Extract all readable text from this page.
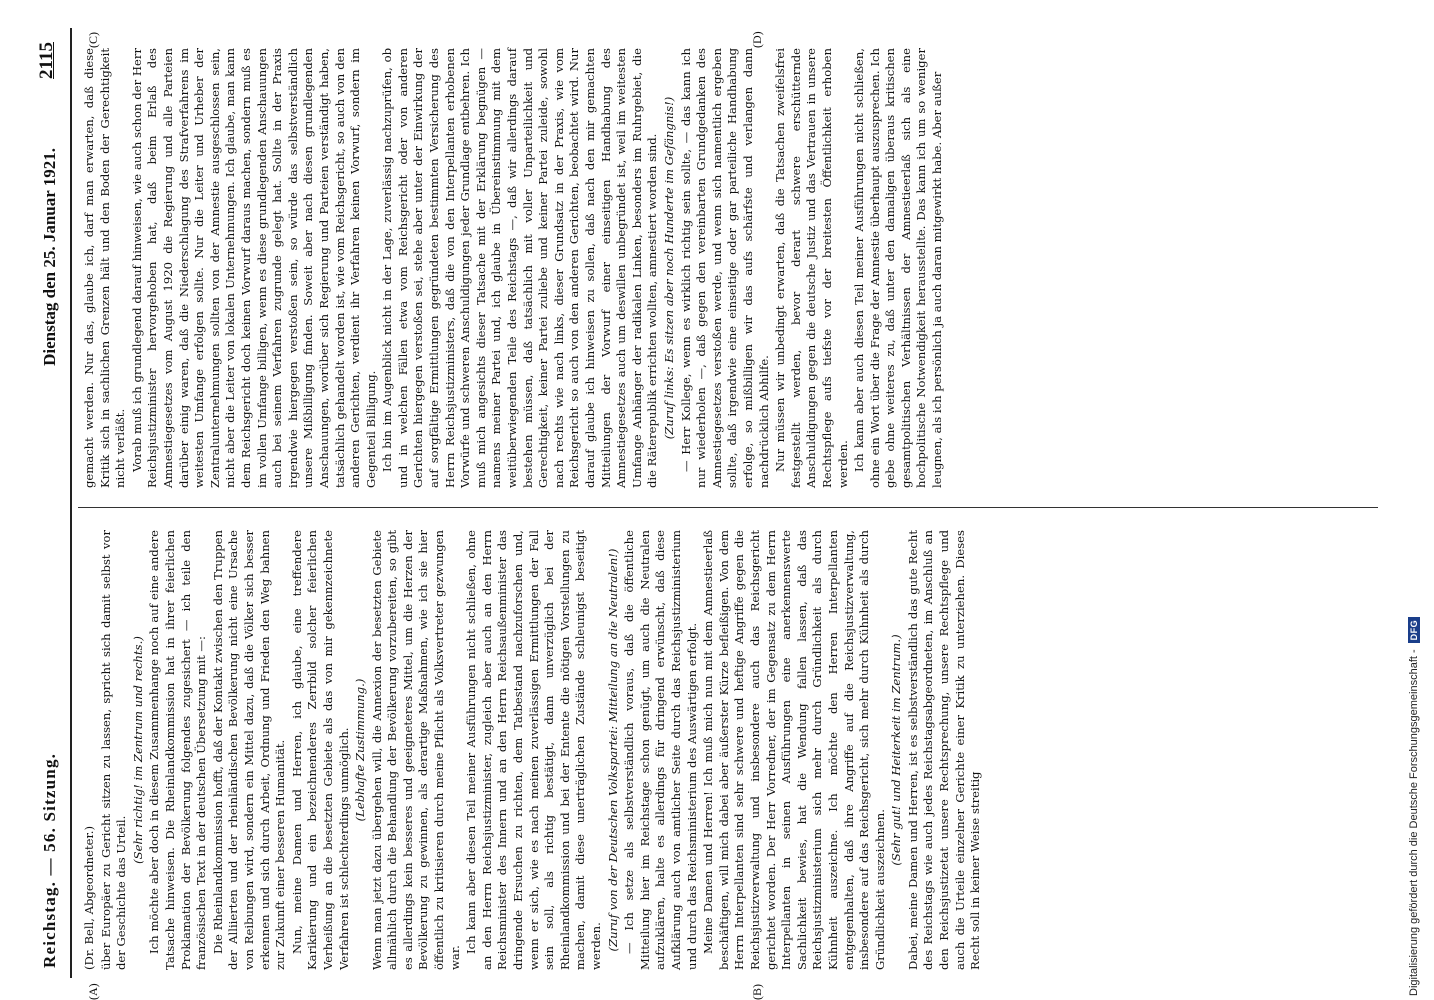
Reichstag. — 56. Sitzung.
Dienstag den 25. Januar 1921.
2115
(A)	(B)
(C)	(D)

(Dr. Bell, Abgeordneter.) über Europäer zu Gericht sitzen zu lassen, spricht sich damit selbst vor der Geschichte das Urteil.

(Sehr richtig! im Zentrum und rechts.) Ich möchte aber doch in diesem Zusammenhange noch auf eine andere Tatsache hinweisen. Die Rheinlandkommission hat in ihrer feierlichen Proklamation der Bevölkerung folgendes zugesichert — ich teile den französischen Text in der deutschen Übersetzung mit —: Die Rheinlandkommission hofft, daß der Kontakt zwischen den Truppen der Alliierten und der rheinländischen Bevölkerung nicht eine Ursache von Reibungen wird, sondern ein Mittel dazu, daß die Völker sich besser erkennen und sich durch Arbeit, Ordnung und Frieden den Weg bahnen zur Zukunft einer besseren Humanität. Nun, meine Damen und Herren, ich glaube, eine treffendere Karikierung und ein bezeichnenderes Zerrbild solcher feierlichen Verheißung an die besetzten Gebiete als das von mir gekennzeichnete Verfahren ist schlechterdings unmöglich. (Lebhafte Zustimmung.) Wenn man jetzt dazu übergehen will, die Annexion der besetzten Gebiete allmählich durch die Behandlung der Bevölkerung vorzubereiten, so gibt es allerdings kein besseres und geeigneteres Mittel, um die Herzen der Bevölkerung zu gewinnen, als derartige Maßnahmen, wie ich sie hier öffentlich zu kritisieren durch meine Pflicht als Volksvertreter gezwungen war.

Ich kann aber diesen Teil meiner Ausführungen nicht schließen, ohne an den Herrn Reichsjustizminister, zugleich aber auch an den Herrn Reichsminister des Innern und an den Herrn Reichsaußenminister das dringende Ersuchen zu richten, dem Tatbestand nachzuforschen und, wenn er sich, wie es nach meinen zuverlässigen Ermittlungen der Fall sein soll, als richtig bestätigt, dann unverzüglich bei der Rheinlandkommission und bei der Entente die nötigen Vorstellungen zu machen, damit diese unerträglichen Zustände schleunigst beseitigt werden. (Zuruf von der Deutschen Volkspartei: Mitteilung an die Neutralen!) — Ich setze als selbstverständlich voraus, daß die öffentliche Mitteilung hier im Reichstage schon genügt, um auch die Neutralen aufzuklären, halte es allerdings für dringend erwünscht, daß diese Aufklärung auch von amtlicher Seite durch das Reichsjustizministerium und durch das Reichsministerium des Auswärtigen erfolgt. Meine Damen und Herren! Ich muß mich nun mit dem Amnestieerlaß beschäftigen, will mich dabei aber äußerster Kürze befleißigen. Von dem Herrn Interpellanten sind sehr schwere und heftige Angriffe gegen die Reichsjustizverwaltung und insbesondere auch das Reichsgericht gerichtet worden. Der Herr Vorredner, der im Gegensatz zu dem Herrn Interpellanten in seinen Ausführungen eine anerkennenswerte Sachlichkeit bewies, hat die Wendung fallen lassen, daß das Reichsjustizministerium sich mehr durch Gründlichkeit als durch Kühnheit auszeichne. Ich möchte den Herren Interpellanten entgegenhalten, daß ihre Angriffe auf die Reichsjustizverwaltung, insbesondere auf das Reichsgericht, sich mehr durch Kühnheit als durch Gründlichkeit auszeichnen.

(Sehr gut! und Heiterkeit im Zentrum.) Dabei, meine Damen und Herren, ist es selbstverständlich das gute Recht des Reichstags wie auch jedes Reichstagsabgeordneten, im Anschluß an den Reichsjustizetat unsere Rechtsprechung, unsere Rechtspflege und auch die Urteile einzelner Gerichte einer Kritik zu unterziehen. Dieses Recht soll in keiner Weise streitig

gemacht werden. Nur das, glaube ich, darf man erwarten, daß diese Kritik sich in sachlichen Grenzen hält und den Boden der Gerechtigkeit nicht verläßt. Vorab muß ich grundlegend darauf hinweisen, wie auch schon der Herr Reichsjustizminister hervorgehoben hat, daß beim Erlaß des Amnestiegesetzes vom August 1920 die Regierung und alle Parteien darüber einig waren, daß die Niederschlagung des Strafverfahrens im weitesten Umfange erfolgen sollte. Nur die Leiter und Urheber der Zentralunternehmungen sollten von der Amnestie ausgeschlossen sein, nicht aber die Leiter von lokalen Unternehmungen. Ich glaube, man kann dem Reichsgericht doch keinen Vorwurf daraus machen, sondern muß es im vollen Umfange billigen, wenn es diese grundlegenden Anschauungen auch bei seinem Verfahren zugrunde gelegt hat. Sollte in der Praxis irgendwie hiergegen verstoßen sein, so würde das selbstverständlich unsere Mißbilligung finden. Soweit aber nach diesen grundlegenden Anschauungen, worüber sich Regierung und Parteien verständigt haben, tatsächlich gehandelt worden ist, wie vom Reichsgericht, so auch von den anderen Gerichten, verdient ihr Verfahren keinen Vorwurf, sondern im Gegenteil Billigung. Ich bin im Augenblick nicht in der Lage, zuverlässig nachzuprüfen, ob und in welchen Fällen etwa vom Reichsgericht oder von anderen Gerichten hiergegen verstoßen sei, stehe aber unter der Einwirkung der auf sorgfältige Ermittlungen gegründeten bestimmten Versicherung des Herrn Reichsjustizministers, daß die von den Interpellanten erhobenen Vorwürfe und schweren Anschuldigungen jeder Grundlage entbehren. Ich muß mich angesichts dieser Tatsache mit der Erklärung begnügen — namens meiner Partei und, ich glaube in Übereinstimmung mit dem weitüberwiegenden Teile des Reichstags —, daß wir allerdings darauf bestehen müssen, daß tatsächlich mit voller Unparteilichkeit und Gerechtigkeit, keiner Partei zuliebe und keiner Partei zuleide, sowohl nach rechts wie nach links, dieser Grundsatz in der Praxis, wie vom Reichsgericht so auch von den anderen Gerichten, beobachtet wird. Nur darauf glaube ich hinweisen zu sollen, daß nach den mir gemachten Mitteilungen der Vorwurf einer einseitigen Handhabung des Amnestiegesetzes auch um deswillen unbegründet ist, weil im weitesten Umfange Anhänger der radikalen Linken, besonders im Ruhrgebiet, die die Räterepublik errichten wollten, amnestiert worden sind. (Zuruf links: Es sitzen aber noch Hunderte im Gefängnis!) — Herr Kollege, wenn es wirklich richtig sein sollte, — das kann ich nur wiederholen —, daß gegen den vereinbarten Grundgedanken des Amnestiegesetzes verstoßen werde, und wenn sich namentlich ergeben sollte, daß irgendwie eine einseitige oder gar parteiliche Handhabung erfolge, so mißbilligen wir das aufs schärfste und verlangen dann nachdrücklich Abhilfe. Nur müssen wir unbedingt erwarten, daß die Tatsachen zweifelsfrei festgestellt werden, bevor derart schwere erschütternde Anschuldigungen gegen die deutsche Justiz und das Vertrauen in unsere Rechtspflege aufs tiefste vor der breitesten Öffentlichkeit erhoben werden. Ich kann aber auch diesen Teil meiner Ausführungen nicht schließen, ohne ein Wort über die Frage der Amnestie überhaupt auszusprechen. Ich gebe ohne weiteres zu, daß unter den damaligen überaus kritischen gesamtpolitischen Verhältnissen der Amnestieerlaß sich als eine hochpolitische Notwendigkeit herausstellte. Das kann ich um so weniger leugnen, als ich persönlich ja auch daran mitgewirkt habe. Aber außer

Digitalisierung gefördert durch die Deutsche Forschungsgemeinschaft -
DFG
